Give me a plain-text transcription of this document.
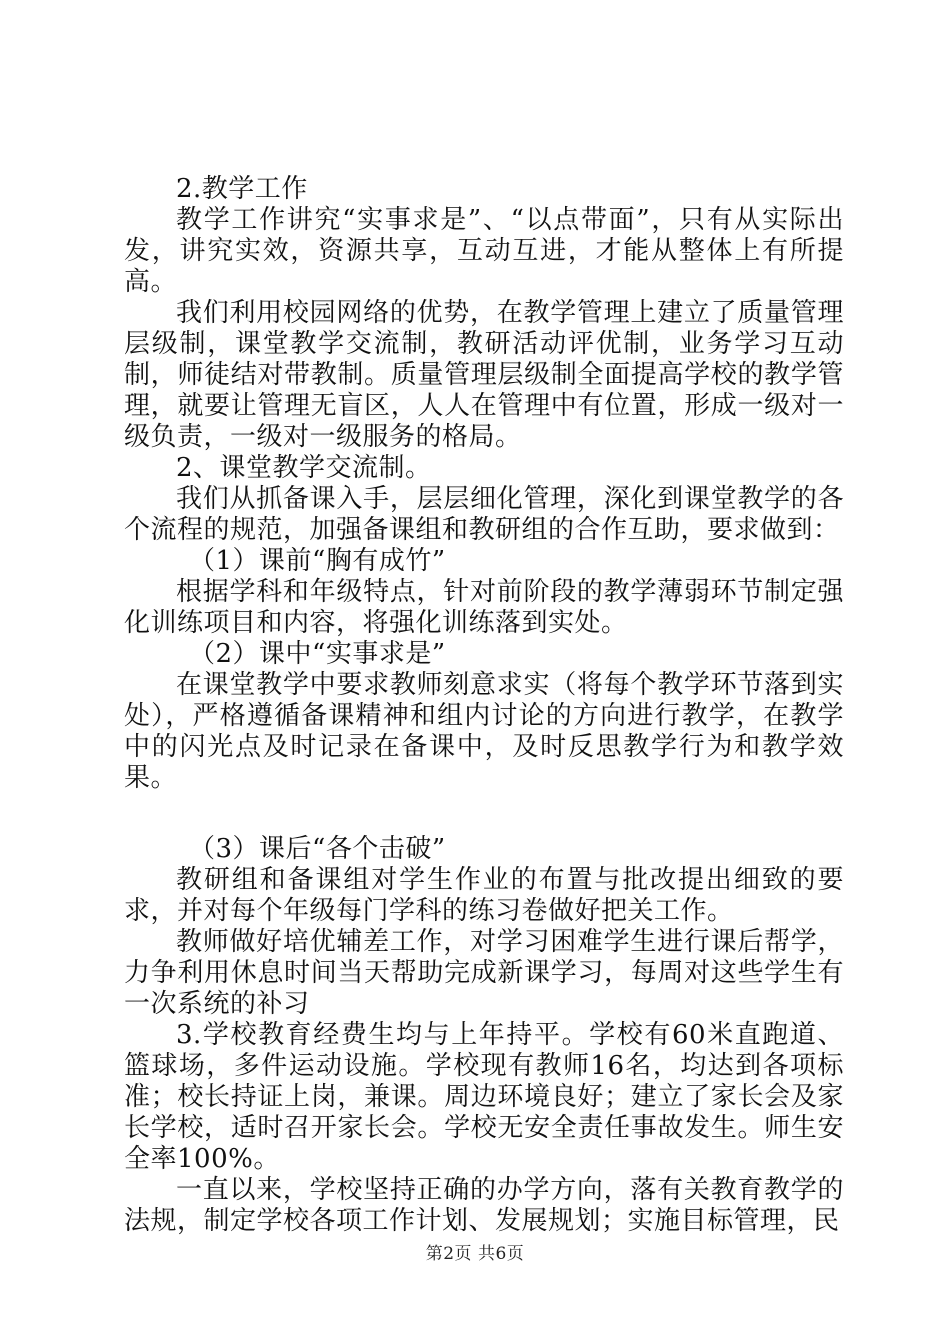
2.教学工作

教学工作讲究“实事求是”、“以点带面”，只有从实际出发，讲究实效，资源共享，互动互进，才能从整体上有所提高。

我们利用校园网络的优势，在教学管理上建立了质量管理层级制，课堂教学交流制，教研活动评优制，业务学习互动制，师徒结对带教制。质量管理层级制全面提高学校的教学管理，就要让管理无盲区，人人在管理中有位置，形成一级对一级负责，一级对一级服务的格局。

2、课堂教学交流制。

我们从抓备课入手，层层细化管理，深化到课堂教学的各个流程的规范，加强备课组和教研组的合作互助，要求做到：

（1）课前“胸有成竹”

根据学科和年级特点，针对前阶段的教学薄弱环节制定强化训练项目和内容，将强化训练落到实处。

（2）课中“实事求是”

在课堂教学中要求教师刻意求实（将每个教学环节落到实处），严格遵循备课精神和组内讨论的方向进行教学，在教学中的闪光点及时记录在备课中，及时反思教学行为和教学效果。

（3）课后“各个击破”

教研组和备课组对学生作业的布置与批改提出细致的要求，并对每个年级每门学科的练习卷做好把关工作。

教师做好培优辅差工作，对学习困难学生进行课后帮学，力争利用休息时间当天帮助完成新课学习，每周对这些学生有一次系统的补习

3.学校教育经费生均与上年持平。学校有60米直跑道、篮球场，多件运动设施。学校现有教师16名，均达到各项标准；校长持证上岗，兼课。周边环境良好；建立了家长会及家长学校，适时召开家长会。学校无安全责任事故发生。师生安全率100%。

一直以来，学校坚持正确的办学方向，落有关教育教学的法规，制定学校各项工作计划、发展规划；实施目标管理，民

第2页 共6页
